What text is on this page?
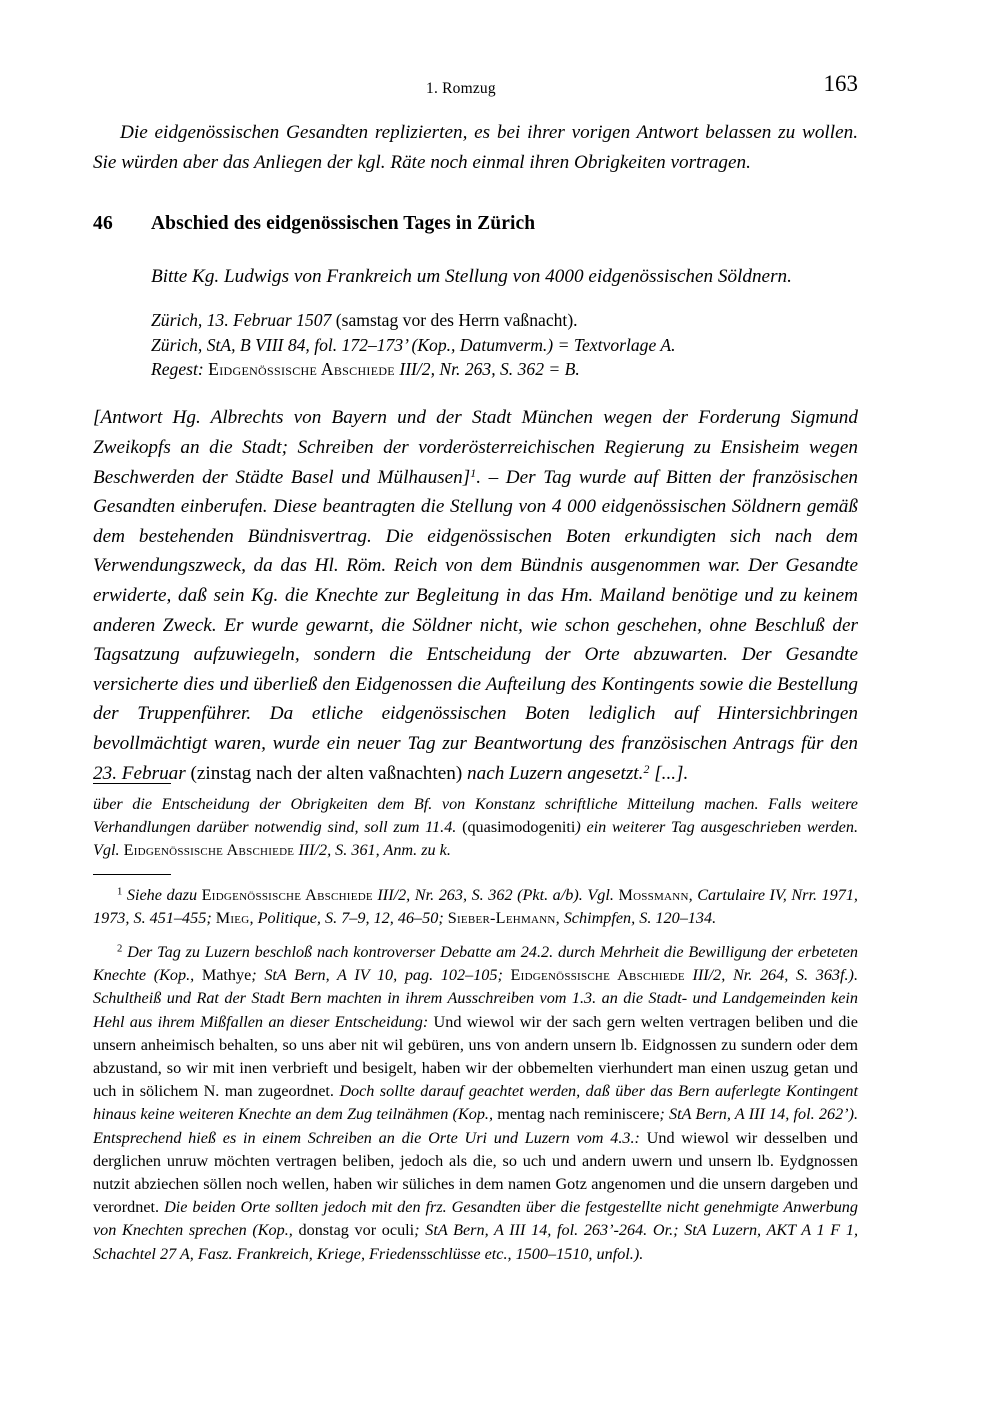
1. Romzug	163

Die eidgenössischen Gesandten replizierten, es bei ihrer vorigen Antwort belassen zu wollen. Sie würden aber das Anliegen der kgl. Räte noch einmal ihren Obrigkeiten vortragen.

46 Abschied des eidgenössischen Tages in Zürich

Bitte Kg. Ludwigs von Frankreich um Stellung von 4000 eidgenössischen Söldnern.

Zürich, 13. Februar 1507 (samstag vor des Herrn vaßnacht).
Zürich, StA, B VIII 84, fol. 172–173’ (Kop., Datumverm.) = Textvorlage A.
Regest: Eidgenössische Abschiede III/2, Nr. 263, S. 362 = B.

[Antwort Hg. Albrechts von Bayern und der Stadt München wegen der Forderung Sigmund Zweikopfs an die Stadt; Schreiben der vorderösterreichischen Regierung zu Ensisheim wegen Beschwerden der Städte Basel und Mülhausen]$^1$. – Der Tag wurde auf Bitten der französischen Gesandten einberufen. Diese beantragten die Stellung von 4 000 eidgenössischen Söldnern gemäß dem bestehenden Bündnisvertrag. Die eidgenössischen Boten erkundigten sich nach dem Verwendungszweck, da das Hl. Röm. Reich von dem Bündnis ausgenommen war. Der Gesandte erwiderte, daß sein Kg. die Knechte zur Begleitung in das Hm. Mailand benötige und zu keinem anderen Zweck. Er wurde gewarnt, die Söldner nicht, wie schon geschehen, ohne Beschluß der Tagsatzung aufzuwiegeln, sondern die Entscheidung der Orte abzuwarten. Der Gesandte versicherte dies und überließ den Eidgenossen die Aufteilung des Kontingents sowie die Bestellung der Truppenführer. Da etliche eidgenössischen Boten lediglich auf Hintersichbringen bevollmächtigt waren, wurde ein neuer Tag zur Beantwortung des französischen Antrags für den 23. Februar (zinstag nach der alten vaßnachten) nach Luzern angesetzt.$^2$ [...].

über die Entscheidung der Obrigkeiten dem Bf. von Konstanz schriftliche Mitteilung machen. Falls weitere Verhandlungen darüber notwendig sind, soll zum 11.4. (quasimodogeniti) ein weiterer Tag ausgeschrieben werden. Vgl. Eidgenössische Abschiede III/2, S. 361, Anm. zu k.

$^1$ Siehe dazu Eidgenössische Abschiede III/2, Nr. 263, S. 362 (Pkt. a/b). Vgl. Mossmann, Cartulaire IV, Nrr. 1971, 1973, S. 451–455; Mieg, Politique, S. 7–9, 12, 46–50; Sieber-Lehmann, Schimpfen, S. 120–134.

$^2$ Der Tag zu Luzern beschloß nach kontroverser Debatte am 24.2. durch Mehrheit die Bewilligung der erbeteten Knechte (Kop., Mathye; StA Bern, A IV 10, pag. 102–105; Eidgenössische Abschiede III/2, Nr. 264, S. 363f.). Schultheiß und Rat der Stadt Bern machten in ihrem Ausschreiben vom 1.3. an die Stadt- und Landgemeinden kein Hehl aus ihrem Mißfallen an dieser Entscheidung: Und wiewol wir der sach gern welten vertragen beliben und die unsern anheimisch behalten, so uns aber nit wil gebüren, uns von andern unsern lb. Eidgnossen zu sundern oder dem abzustand, so wir mit inen verbrieft und besigelt, haben wir der obbemelten vierhundert man einen uszug getan und uch in sölichem N. man zugeordnet. Doch sollte darauf geachtet werden, daß über das Bern auferlegte Kontingent hinaus keine weiteren Knechte an dem Zug teilnähmen (Kop., mentag nach reminiscere; StA Bern, A III 14, fol. 262’). Entsprechend hieß es in einem Schreiben an die Orte Uri und Luzern vom 4.3.: Und wiewol wir desselben und derglichen unruw möchten vertragen beliben, jedoch als die, so uch und andern uwern und unsern lb. Eydgnossen nutzit abziechen söllen noch wellen, haben wir süliches in dem namen Gotz angenomen und die unsern dargeben und verordnet. Die beiden Orte sollten jedoch mit den frz. Gesandten über die festgestellte nicht genehmigte Anwerbung von Knechten sprechen (Kop., donstag vor oculi; StA Bern, A III 14, fol. 263’-264. Or.; StA Luzern, AKT A 1 F 1, Schachtel 27 A, Fasz. Frankreich, Kriege, Friedensschlüsse etc., 1500–1510, unfol.).
